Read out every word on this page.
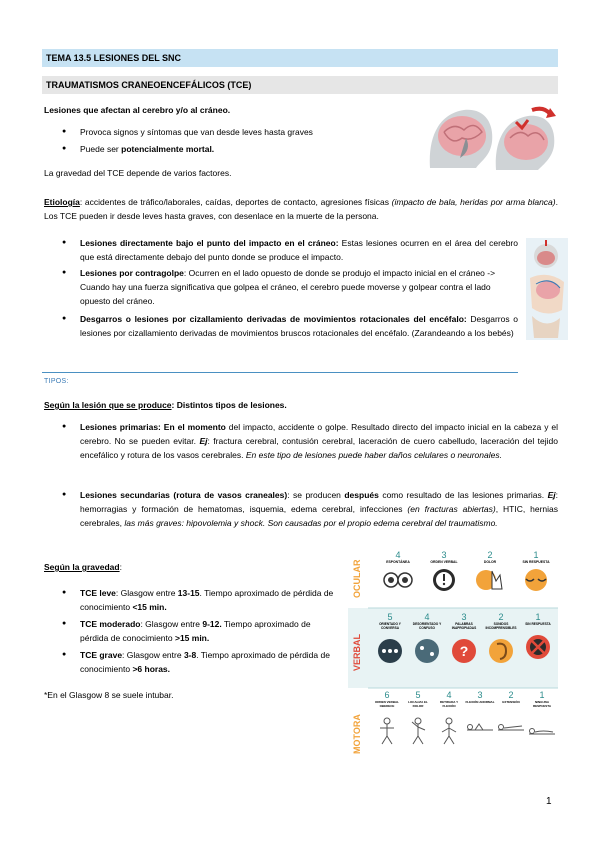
TEMA 13.5 LESIONES DEL SNC
TRAUMATISMOS CRANEOENCEFÁLICOS (TCE)
Lesiones que afectan al cerebro y/o al cráneo.
● Provoca signos y síntomas que van desde leves hasta graves
● Puede ser potencialmente mortal.
La gravedad del TCE depende de varios factores.
Etiología: accidentes de tráfico/laborales, caídas, deportes de contacto, agresiones físicas (impacto de bala, heridas por arma blanca). Los TCE pueden ir desde leves hasta graves, con desenlace en la muerte de la persona.
● Lesiones directamente bajo el punto del impacto en el cráneo: Estas lesiones ocurren en el área del cerebro que está directamente debajo del punto donde se produce el impacto.
● Lesiones por contragolpe: Ocurren en el lado opuesto de donde se produjo el impacto inicial en el cráneo -> Cuando hay una fuerza significativa que golpea el cráneo, el cerebro puede moverse y golpear contra el lado opuesto del cráneo.
● Desgarros o lesiones por cizallamiento derivadas de movimientos rotacionales del encéfalo: Desgarros o lesiones por cizallamiento derivadas de movimientos bruscos rotacionales del encéfalo. (Zarandeando a los bebés)
TIPOS:
Según la lesión que se produce: Distintos tipos de lesiones.
● Lesiones primarias: En el momento del impacto, accidente o golpe. Resultado directo del impacto inicial en la cabeza y el cerebro. No se pueden evitar. Ej: fractura cerebral, contusión cerebral, laceración de cuero cabelludo, laceración del tejido encefálico y rotura de los vasos cerebrales. En este tipo de lesiones puede haber daños celulares o neuronales.
● Lesiones secundarias (rotura de vasos craneales): se producen después como resultado de las lesiones primarias. Ej: hemorragias y formación de hematomas, isquemia, edema cerebral, infecciones (en fracturas abiertas), HTIC, hernias cerebrales, las más graves: hipovolemia y shock. Son causadas por el propio edema cerebral del traumatismo.
Según la gravedad:
● TCE leve: Glasgow entre 13-15. Tiempo aproximado de pérdida de conocimiento <15 min.
● TCE moderado: Glasgow entre 9-12. Tiempo aproximado de pérdida de conocimiento >15 min.
● TCE grave: Glasgow entre 3-8. Tiempo aproximado de pérdida de conocimiento >6 horas.
*En el Glasgow 8 se suele intubar.
OCULAR
VERBAL
MOTORA
4
ESPONTÁNEA
3
ORDEN VERBAL
2
DOLOR
1
SIN RESPUESTA
5
ORIENTADO Y CONVERSA
4
DESORIENTADO Y CONFUSO
3
PALABRAS INAPROPIADAS
?
2
SONIDOS INCOMPRENSIBLES
1
SIN RESPUESTA
6
ORDEN VERBAL OBEDECE
5
LOCALIZA EL DOLOR
4
RETIRADA Y FLEXIÓN
3
FLEXIÓN ANORMAL
2
EXTENSIÓN
1
NINGUNA RESPUESTA
1
